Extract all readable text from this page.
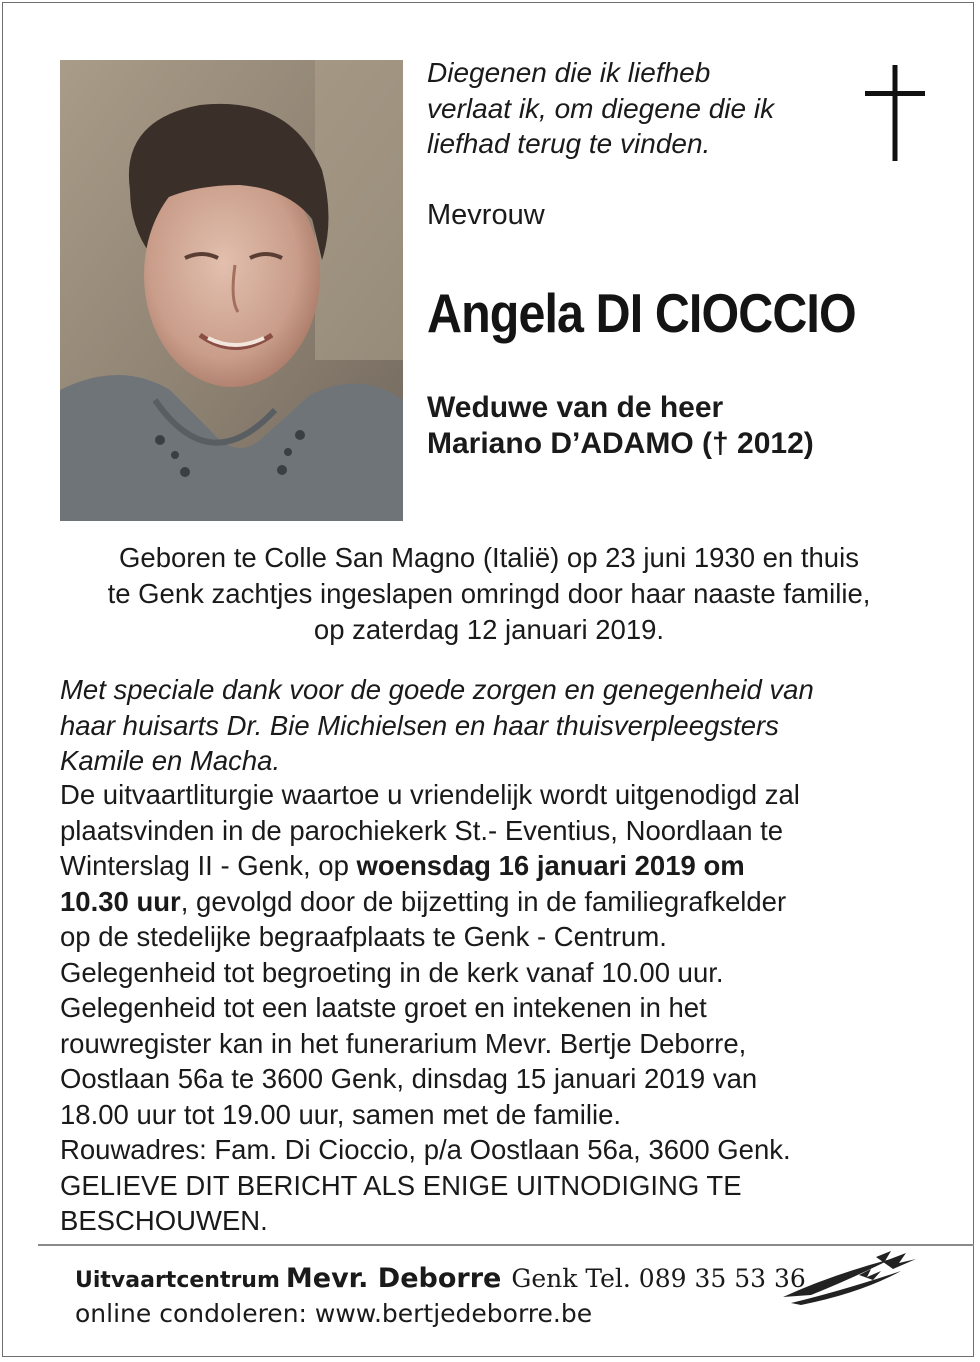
Diegenen die ik liefheb
verlaat ik, om diegene die ik
liefhad terug te vinden.
Mevrouw
Angela DI CIOCCIO
Weduwe van de heer
Mariano D’ADAMO († 2012)
Geboren te Colle San Magno (Italië) op 23 juni 1930 en thuis
te Genk zachtjes ingeslapen omringd door haar naaste familie,
op zaterdag 12 januari 2019.
Met speciale dank voor de goede zorgen en genegenheid van
haar huisarts Dr. Bie Michielsen en haar thuisverpleegsters
Kamile en Macha.

De uitvaartliturgie waartoe u vriendelijk wordt uitgenodigd zal

plaatsvinden in de parochiekerk St.- Eventius, Noordlaan te

Winterslag II - Genk, op woensdag 16 januari 2019 om

10.30 uur, gevolgd door de bijzetting in de familiegrafkelder

op de stedelijke begraafplaats te Genk - Centrum.

Gelegenheid tot begroeting in de kerk vanaf 10.00 uur.

Gelegenheid tot een laatste groet en intekenen in het

rouwregister kan in het funerarium Mevr. Bertje Deborre,

Oostlaan 56a te 3600 Genk, dinsdag 15 januari 2019 van

18.00 uur tot 19.00 uur, samen met de familie.

Rouwadres: Fam. Di Cioccio, p/a Oostlaan 56a, 3600 Genk.

GELIEVE DIT BERICHT ALS ENIGE UITNODIGING TE

BESCHOUWEN.

Uitvaartcentrum Mevr. Deborre Genk Tel. 089 35 53 36
online condoleren: www.bertjedeborre.be
